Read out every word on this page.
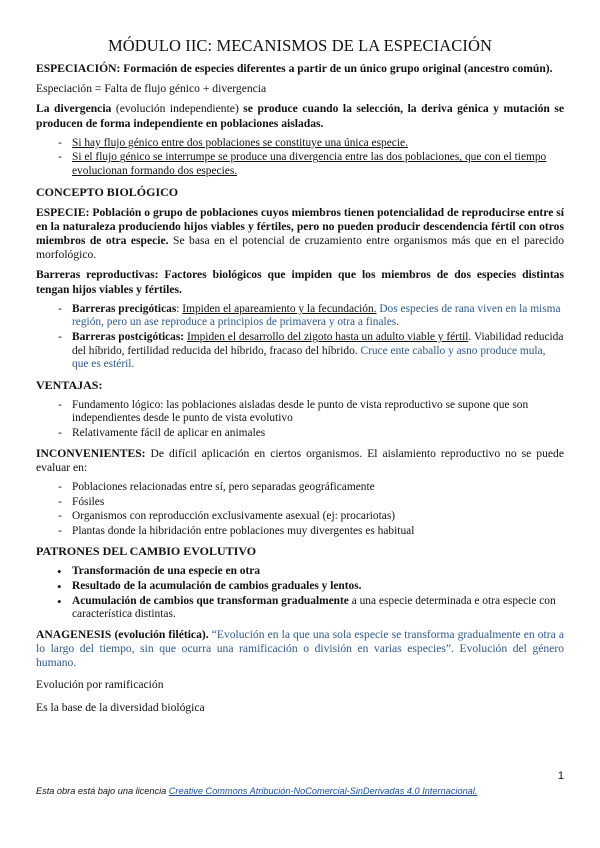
MÓDULO IIC: MECANISMOS DE LA ESPECIACIÓN

ESPECIACIÓN: Formación de especies diferentes a partir de un único grupo original (ancestro común).

Especiación = Falta de flujo génico + divergencia

La divergencia (evolución independiente) se produce cuando la selección, la deriva génica y mutación se producen de forma independiente en poblaciones aisladas.

- Si hay flujo génico entre dos poblaciones se constituye una única especie.
- Si el flujo génico se interrumpe se produce una divergencia entre las dos poblaciones, que con el tiempo evolucionan formando dos especies.
CONCEPTO BIOLÓGICO

ESPECIE: Población o grupo de poblaciones cuyos miembros tienen potencialidad de reproducirse entre sí en la naturaleza produciendo hijos viables y fértiles, pero no pueden producir descendencia fértil con otros miembros de otra especie. Se basa en el potencial de cruzamiento entre organismos más que en el parecido morfológico.

Barreras reproductivas: Factores biológicos que impiden que los miembros de dos especies distintas tengan hijos viables y fértiles.

- Barreras precigóticas: Impiden el apareamiento y la fecundación. Dos especies de rana viven en la misma región, pero un ase reproduce a principios de primavera y otra a finales.
- Barreras postcigóticas: Impiden el desarrollo del zigoto hasta un adulto viable y fértil. Viabilidad reducida del híbrido, fertilidad reducida del híbrido, fracaso del híbrido. Cruce ente caballo y asno produce mula, que es estéril.
VENTAJAS:
- Fundamento lógico: las poblaciones aisladas desde le punto de vista reproductivo se supone que son independientes desde le punto de vista evolutivo
- Relativamente fácil de aplicar en animales

INCONVENIENTES: De difícil aplicación en ciertos organismos. El aislamiento reproductivo no se puede evaluar en:

- Poblaciones relacionadas entre sí, pero separadas geográficamente
- Fósiles
- Organismos con reproducción exclusivamente asexual (ej: procariotas)
- Plantas donde la hibridación entre poblaciones muy divergentes es habitual
PATRONES DEL CAMBIO EVOLUTIVO
• Transformación de una especie en otra
• Resultado de la acumulación de cambios graduales y lentos.
• Acumulación de cambios que transforman gradualmente a una especie determinada e otra especie con característica distintas.

ANAGENESIS (evolución filética). “Evolución en la que una sola especie se transforma gradualmente en otra a lo largo del tiempo, sin que ocurra una ramificación o división en varias especies”. Evolución del género humano.

Evolución por ramificación

Es la base de la diversidad biológica

1
Esta obra está bajo una licencia Creative Commons Atribución-NoComercial-SinDerivadas 4.0 Internacional.
